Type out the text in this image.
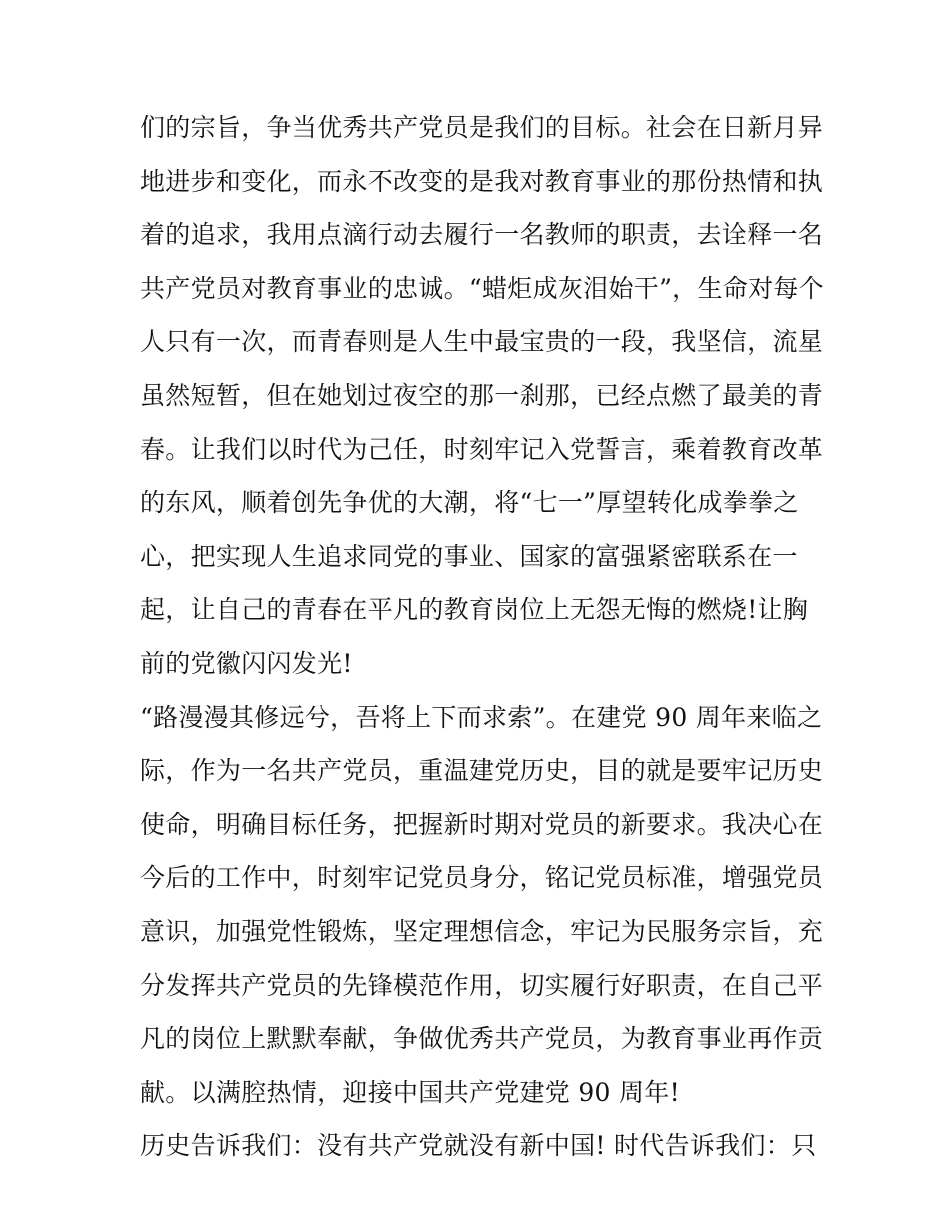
们的宗旨，争当优秀共产党员是我们的目标。社会在日新月异
地进步和变化，而永不改变的是我对教育事业的那份热情和执
着的追求，我用点滴行动去履行一名教师的职责，去诠释一名
共产党员对教育事业的忠诚。“蜡炬成灰泪始干”，生命对每个
人只有一次，而青春则是人生中最宝贵的一段，我坚信，流星
虽然短暂，但在她划过夜空的那一刹那，已经点燃了最美的青
春。让我们以时代为己任，时刻牢记入党誓言，乘着教育改革
的东风，顺着创先争优的大潮，将“七一”厚望转化成拳拳之
心，把实现人生追求同党的事业、国家的富强紧密联系在一
起，让自己的青春在平凡的教育岗位上无怨无悔的燃烧!让胸
前的党徽闪闪发光!
“路漫漫其修远兮，吾将上下而求索”。在建党 90 周年来临之
际，作为一名共产党员，重温建党历史，目的就是要牢记历史
使命，明确目标任务，把握新时期对党员的新要求。我决心在
今后的工作中，时刻牢记党员身分，铭记党员标准，增强党员
意识，加强党性锻炼，坚定理想信念，牢记为民服务宗旨，充
分发挥共产党员的先锋模范作用，切实履行好职责，在自己平
凡的岗位上默默奉献，争做优秀共产党员，为教育事业再作贡
献。以满腔热情，迎接中国共产党建党 90 周年!
历史告诉我们：没有共产党就没有新中国! 时代告诉我们：只
